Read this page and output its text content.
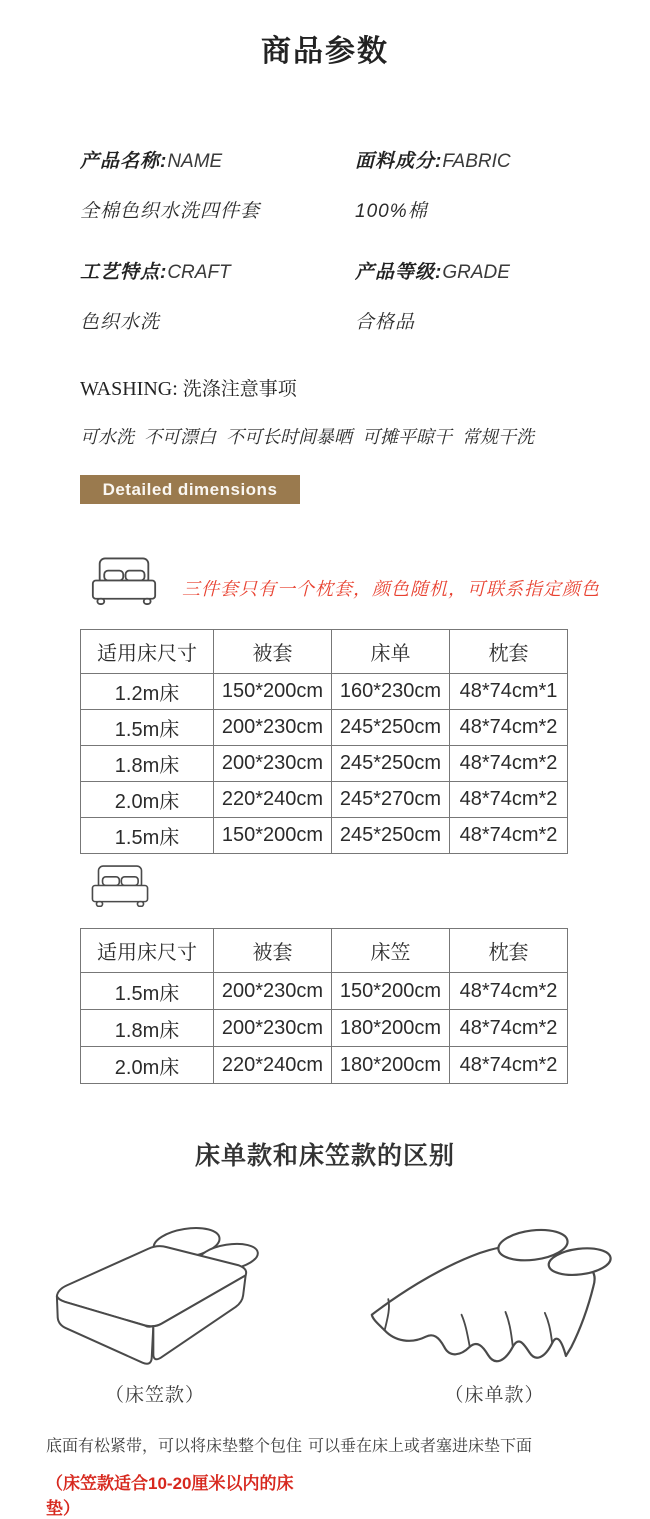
商品参数
产品名称:NAME
全棉色织水洗四件套
面料成分:FABRIC
100%棉
工艺特点:CRAFT
色织水洗
产品等级:GRADE
合格品
WASHING: 洗涤注意事项
可水洗  不可漂白  不可长时间暴晒  可摊平晾干  常规干洗
Detailed dimensions
三件套只有一个枕套，颜色随机，可联系指定颜色
适用床尺寸	被套	床单	枕套
1.2m床	150*200cm	160*230cm	48*74cm*1
1.5m床	200*230cm	245*250cm	48*74cm*2
1.8m床	200*230cm	245*250cm	48*74cm*2
2.0m床	220*240cm	245*270cm	48*74cm*2
1.5m床	150*200cm	245*250cm	48*74cm*2
适用床尺寸	被套	床笠	枕套
1.5m床	200*230cm	150*200cm	48*74cm*2
1.8m床	200*230cm	180*200cm	48*74cm*2
2.0m床	220*240cm	180*200cm	48*74cm*2
床单款和床笠款的区别
（床笠款）	（床单款）
底面有松紧带，可以将床垫整个包住
（床笠款适合10-20厘米以内的床垫）
可以垂在床上或者塞进床垫下面
